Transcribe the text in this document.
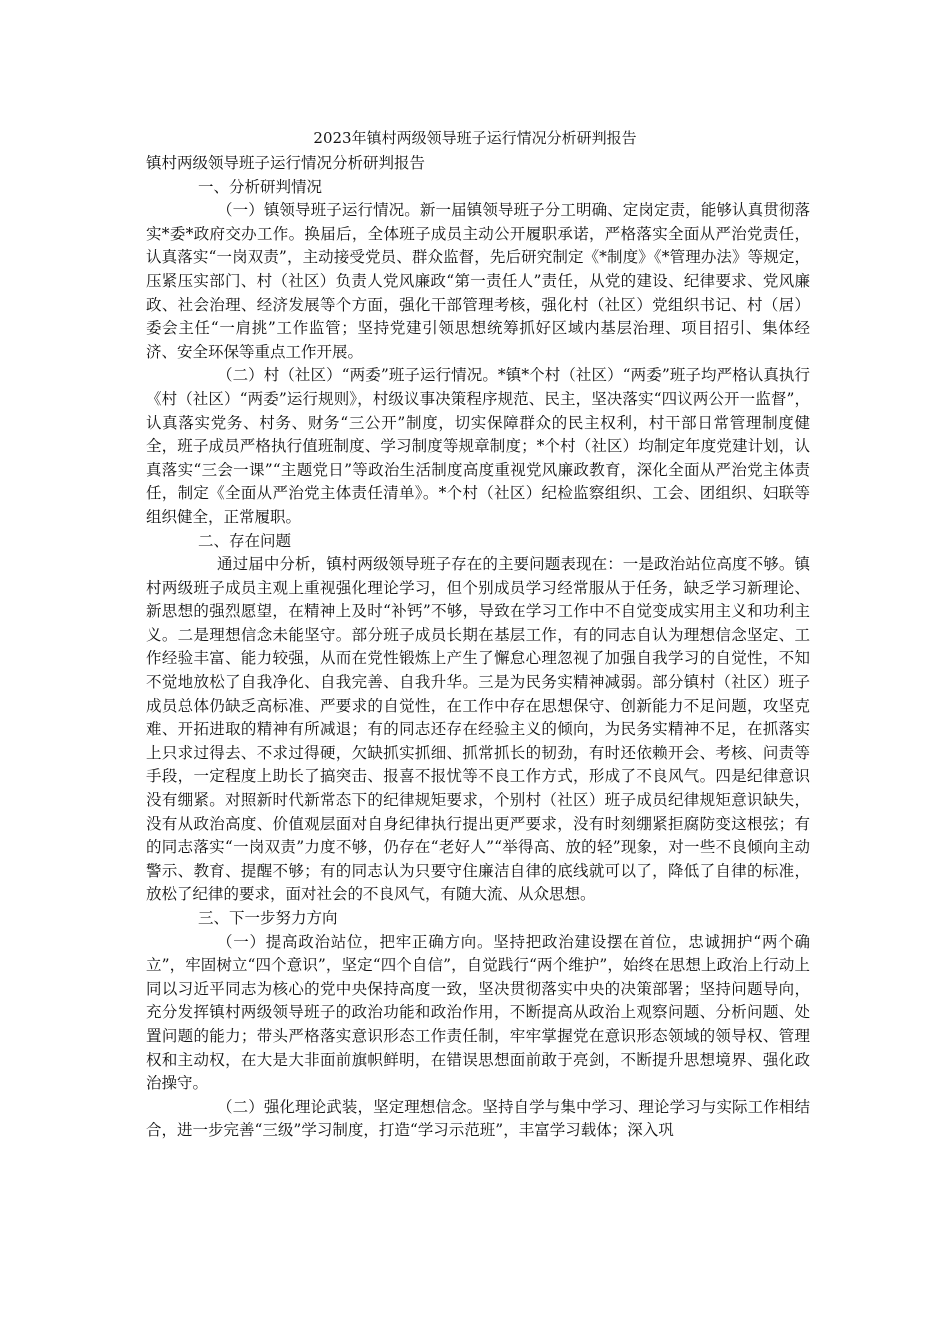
2023年镇村两级领导班子运行情况分析研判报告

镇村两级领导班子运行情况分析研判报告

一、分析研判情况

（一）镇领导班子运行情况。新一届镇领导班子分工明确、定岗定责，能够认真贯彻落实*委*政府交办工作。换届后，全体班子成员主动公开履职承诺，严格落实全面从严治党责任，认真落实“一岗双责”，主动接受党员、群众监督，先后研究制定《*制度》《*管理办法》等规定，压紧压实部门、村（社区）负责人党风廉政“第一责任人”责任，从党的建设、纪律要求、党风廉政、社会治理、经济发展等个方面，强化干部管理考核，强化村（社区）党组织书记、村（居）委会主任“一肩挑”工作监管；坚持党建引领思想统筹抓好区域内基层治理、项目招引、集体经济、安全环保等重点工作开展。

（二）村（社区）“两委”班子运行情况。*镇*个村（社区）“两委”班子均严格认真执行《村（社区）“两委”运行规则》，村级议事决策程序规范、民主，坚决落实“四议两公开一监督”，认真落实党务、村务、财务“三公开”制度，切实保障群众的民主权利，村干部日常管理制度健全，班子成员严格执行值班制度、学习制度等规章制度；*个村（社区）均制定年度党建计划，认真落实“三会一课”“主题党日”等政治生活制度高度重视党风廉政教育，深化全面从严治党主体责任，制定《全面从严治党主体责任清单》。*个村（社区）纪检监察组织、工会、团组织、妇联等组织健全，正常履职。

二、存在问题

通过届中分析，镇村两级领导班子存在的主要问题表现在：一是政治站位高度不够。镇村两级班子成员主观上重视强化理论学习，但个别成员学习经常服从于任务，缺乏学习新理论、新思想的强烈愿望，在精神上及时“补钙”不够，导致在学习工作中不自觉变成实用主义和功利主义。二是理想信念未能坚守。部分班子成员长期在基层工作，有的同志自认为理想信念坚定、工作经验丰富、能力较强，从而在党性锻炼上产生了懈怠心理忽视了加强自我学习的自觉性，不知不觉地放松了自我净化、自我完善、自我升华。三是为民务实精神减弱。部分镇村（社区）班子成员总体仍缺乏高标准、严要求的自觉性，在工作中存在思想保守、创新能力不足问题，攻坚克难、开拓进取的精神有所减退；有的同志还存在经验主义的倾向，为民务实精神不足，在抓落实上只求过得去、不求过得硬，欠缺抓实抓细、抓常抓长的韧劲，有时还依赖开会、考核、问责等手段，一定程度上助长了搞突击、报喜不报忧等不良工作方式，形成了不良风气。四是纪律意识没有绷紧。对照新时代新常态下的纪律规矩要求，个别村（社区）班子成员纪律规矩意识缺失，没有从政治高度、价值观层面对自身纪律执行提出更严要求，没有时刻绷紧拒腐防变这根弦；有的同志落实“一岗双责”力度不够，仍存在“老好人”“举得高、放的轻”现象，对一些不良倾向主动警示、教育、提醒不够；有的同志认为只要守住廉洁自律的底线就可以了，降低了自律的标准，放松了纪律的要求，面对社会的不良风气，有随大流、从众思想。

三、下一步努力方向

（一）提高政治站位，把牢正确方向。坚持把政治建设摆在首位，忠诚拥护“两个确立”，牢固树立“四个意识”，坚定“四个自信”，自觉践行“两个维护”，始终在思想上政治上行动上同以习近平同志为核心的党中央保持高度一致，坚决贯彻落实中央的决策部署；坚持问题导向，充分发挥镇村两级领导班子的政治功能和政治作用，不断提高从政治上观察问题、分析问题、处置问题的能力；带头严格落实意识形态工作责任制，牢牢掌握党在意识形态领域的领导权、管理权和主动权，在大是大非面前旗帜鲜明，在错误思想面前敢于亮剑，不断提升思想境界、强化政治操守。

（二）强化理论武装，坚定理想信念。坚持自学与集中学习、理论学习与实际工作相结合，进一步完善“三级”学习制度，打造“学习示范班”，丰富学习载体；深入巩
